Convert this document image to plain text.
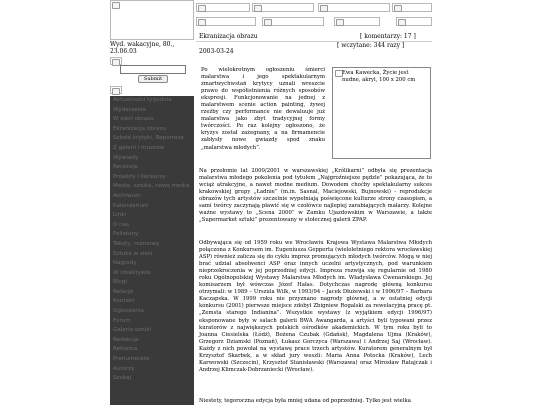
Wyd. wakacyjne, 80., 23.06.03
Submit
Aktualności tygodnia
Wydarzenia
W sieci obrazu
Ekranizacja obrazu
Szkoła krytyki, Reportaże
Z galerii i muzeów
Wywiady
Recenzje
Projekty i konkursy
Media, sztuka, nowe media
Archiwum
Kalendarium
Linki
O nas
Felietony
Teksty, rozmowy
Sztuka w sieci
Nagrody
W obiektywie
Blogi
Relacje
Kontakt
Ogłoszenia
Forum
Galeria sztuki
Redakcja
Reklama
Prenumerata
Autorzy
Szukaj
Ekranizacja obrazu	[ komentarzy: 17 ]
[ wczytane: 344 razy ]
2003-03-24

Po wielokrotnym ogłoszeniu śmierci malarstwa i jego spektakularnym zmartwychwstań krytycy uznali wreszcie prawo do współistnienia różnych sposobów ekspresji. Funkcjonowanie na jednej z malarstwem scenie action painting, żywej rzeźby czy performance nie dewaluuje już malarstwa jako zbyt tradycyjnej formy twórczości. Po raz kolejny ogłoszono, że kryzys został zażegnany, a na firmamencie zabłysły nowe gwiazdy spod znaku „malarstwa młodych”.

Ewa Kawecka, Życie jest nudne, akryl, 100 x 200 cm

Na przełomie lat 2000/2001 w warszawskiej „Królikarni” odbyła się prezentacja malarstwa młodego pokolenia pod tytułem „Najgroźniejsze pędzle” pokazująca, że to wciąż atrakcyjne, a nawet modne medium. Dowodem choćby spektakularny sukces krakowskiej grupy „Ładnie” (m.in. Sasnal, Maciejowski, Bujnowski) - reprodukcje obrazów tych artystów szczelnie wypełniają poświęcone kulturze strony czasopism, a sami twórcy zaczynają pławić się w czołówce najlepiej zarabiających malarzy. Kolejne ważne wystawy to „Scena 2000” w Zamku Ujazdowskim w Warszawie, a także „Supermarket sztuki” prezentowany w stołecznej galerii ZPAP.

Odbywająca się od 1959 roku we Wrocławiu Krajowa Wystawa Malarstwa Młodych połączona z Konkursem im. Eugeniusza Gepperta (wieloletniego rektora wrocławskiej ASP) również zalicza się do cyklu imprez promujących młodych twórców. Mogą w niej brać udział absolwenci ASP oraz innych uczelni artystycznych, pod warunkiem nieprzekroczenia w jej poprzedniej edycji. Impreza rozwija się regularnie od 1980 roku Ogólnopolskiej Wystawy Malarstwa Młodych im. Władysława Ćwenarskiego. Jej komisarzem był wówczas Józef Hałas. Dotychczas nagrodę główną konkursu otrzymali: w 1989 – Urszula Wilk, w 1993/94 – Jacek Dłużewski i w 1996/97 – Barbara Kaczapska. W 1999 roku nie przyznano nagrody głównej, a w ostatniej edycji konkursu (2001) pierwsze miejsce zdobył Zbigniew Rogalski za rewelacyjną pracę pt. „Zemsta starego Indianina”. Wszystkie wystawy (z wyjątkiem edycji 1996/97) eksponowane były w salach galerii BWA Awangarda, a artyści byli typowani przez kuratorów z największych polskich ośrodków akademickich. W tym roku byli to Joanna Ciesielska (Łódź), Bożena Czubak (Gdańsk), Magdalena Ujma (Kraków), Grzegorz Dziamski (Poznań), Łukasz Gorczyca (Warszawa) i Andrzej Saj (Wrocław). Każdy z nich powołał na wystawę prace trzech artystów. Kuratorem generalnym był Krzysztof Skarbek, a w skład jury weszli: Maria Anna Potocka (Kraków), Lech Karwowski (Szczecin), Krzysztof Stanisławski (Warszawa) oraz Mirosław Ratajczak i Andrzej Klimczak-Dobrzaniecki (Wrocław).

Niestety, tegoroczna edycja była mniej udana od poprzedniej. Tylko jest wielka
